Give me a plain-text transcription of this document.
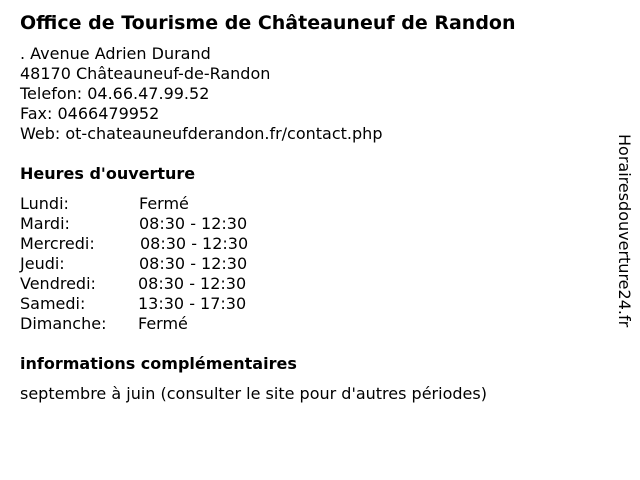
Office de Tourisme de Châteauneuf de Randon
. Avenue Adrien Durand
48170 Châteauneuf-de-Randon
Telefon: 04.66.47.99.52
Fax: 0466479952
Web: ot-chateauneufderandon.fr/contact.php
Heures d'ouverture
Lundi:	Fermé
Mardi:	08:30 - 12:30
Mercredi:	08:30 - 12:30
Jeudi:	08:30 - 12:30
Vendredi:	08:30 - 12:30
Samedi:	13:30 - 17:30
Dimanche: Fermé
informations complémentaires
septembre à juin (consulter le site pour d'autres périodes)
Horairesdouverture24.fr
